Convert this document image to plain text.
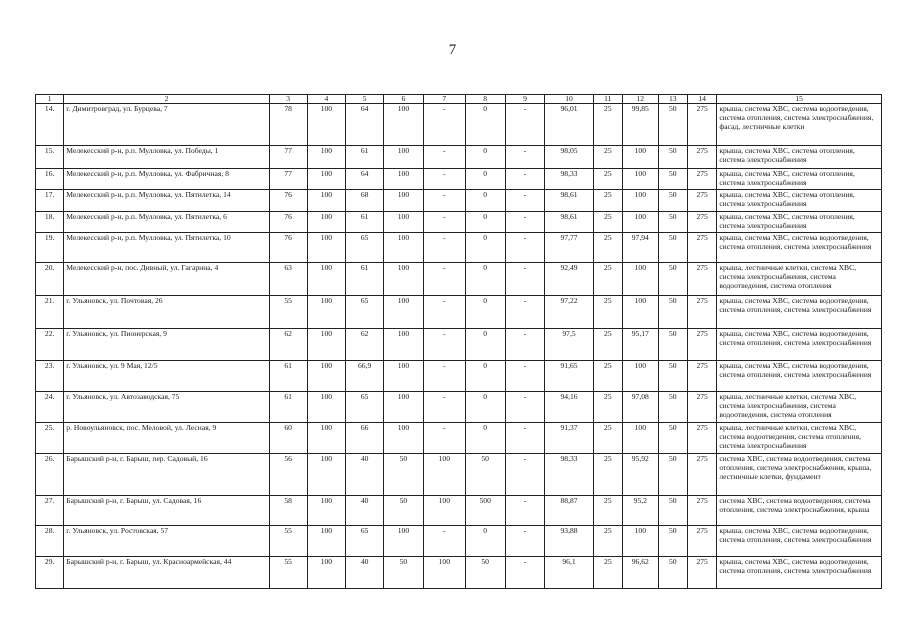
7
1	2	3	4	5	6	7	8	9	10	11	12	13	14	15
14.	г. Димитровград, ул. Бурцева, 7	78	100	64	100	-	0	-	96,01	25	99,85	50	275	крыша, система ХВС, система водоотведения, система отопления, система электроснабжения, фасад, лестничные клетки
15.	Мелекесский р-н, р.п. Мулловка, ул. Победы, 1	77	100	61	100	-	0	-	98,05	25	100	50	275	крыша, система ХВС, система отопления, система электроснабжения
16.	Мелекесский р-н, р.п. Мулловка, ул. Фабричная, 8	77	100	64	100	-	0	-	98,33	25	100	50	275	крыша, система ХВС, система отопления, система электроснабжения
17.	Мелекесский р-н, р.п. Мулловка, ул. Пятилетка, 14	76	100	68	100	-	0	-	98,61	25	100	50	275	крыша, система ХВС, система отопления, система электроснабжения
18.	Мелекесский р-н, р.п. Мулловка, ул. Пятилетка, 6	76	100	61	100	-	0	-	98,61	25	100	50	275	крыша, система ХВС, система отопления, система электроснабжения
19.	Мелекесский р-н, р.п. Мулловка, ул. Пятилетка, 10	76	100	65	100	-	0	-	97,77	25	97,94	50	275	крыша, система ХВС, система водоотведения, система отопления, система электроснабжения
20.	Мелекесский р-н, пос. Дивный, ул. Гагарина, 4	63	100	61	100	-	0	-	92,49	25	100	50	275	крыша, лестничные клетки, система ХВС, система электроснабжения, система водоотведения, система отопления
21.	г. Ульяновск, ул. Почтовая, 26	55	100	65	100	-	0	-	97,22	25	100	50	275	крыша, система ХВС, система водоотведения, система отопления, система электроснабжения
22.	г. Ульяновск, ул. Пионерская, 9	62	100	62	100	-	0	-	97,5	25	95,17	50	275	крыша, система ХВС, система водоотведения, система отопления, система электроснабжения
23.	г. Ульяновск, ул. 9 Мая, 12/5	61	100	66,9	100	-	0	-	91,65	25	100	50	275	крыша, система ХВС, система водоотведения, система отопления, система электроснабжения
24.	г. Ульяновск, ул. Автозаводская, 75	61	100	65	100	-	0	-	94,16	25	97,08	50	275	крыша, лестничные клетки, система ХВС, система электроснабжения, система водоотведения, система отопления
25.	р. Новоульяновск, пос. Меловой, ул. Лесная, 9	60	100	66	100	-	0	-	91,37	25	100	50	275	крыша, лестничные клетки, система ХВС, система водоотведения, система отопления, система электроснабжения
26.	Барышский р-н, г. Барыш, пер. Садовый, 16	56	100	40	50	100	50	-	98,33	25	95,92	50	275	система ХВС, система водоотведения, система отопления, система электроснабжения, крыша, лестничные клетки, фундамент
27.	Барышский р-н, г. Барыш, ул. Садовая, 16	58	100	40	50	100	500	-	88,87	25	95,2	50	275	система ХВС, система водоотведения, система отопления, система электроснабжения, крыша
28.	г. Ульяновск, ул. Ростовская, 57	55	100	65	100	-	0	-	93,88	25	100	50	275	крыша, система ХВС, система водоотведения, система отопления, система электроснабжения
29.	Барышский р-н, г. Барыш, ул. Красноармейская, 44	55	100	40	50	100	50	-	96,1	25	96,62	50	275	крыша, система ХВС, система водоотведения, система отопления, система электроснабжения
